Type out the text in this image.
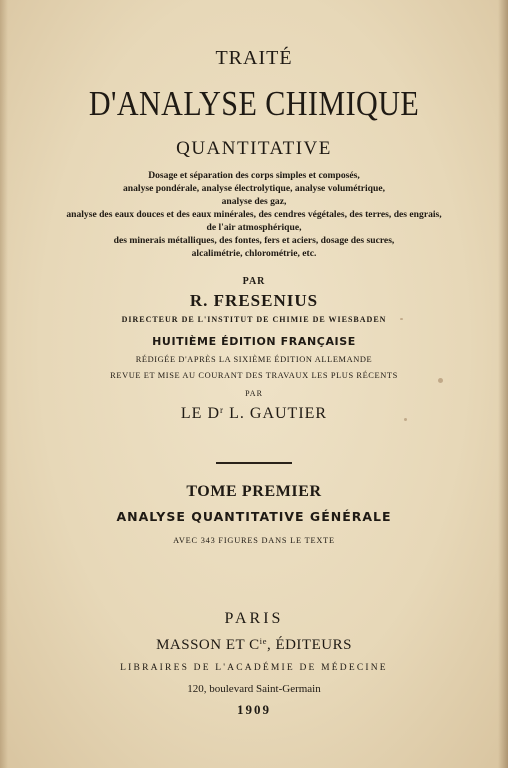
TRAITÉ
D'ANALYSE CHIMIQUE
QUANTITATIVE
Dosage et séparation des corps simples et composés,
analyse pondérale, analyse électrolytique, analyse volumétrique,
analyse des gaz,
analyse des eaux douces et des eaux minérales, des cendres végétales, des terres, des engrais,
de l'air atmosphérique,
des minerais métalliques, des fontes, fers et aciers, dosage des sucres,
alcalimétrie, chlorométrie, etc.
PAR
R. FRESENIUS
DIRECTEUR DE L'INSTITUT DE CHIMIE DE WIESBADEN
HUITIÈME ÉDITION FRANÇAISE
RÉDIGÉE D'APRÈS LA SIXIÈME ÉDITION ALLEMANDE
REVUE ET MISE AU COURANT DES TRAVAUX LES PLUS RÉCENTS
PAR
LE $D^r$ L. GAUTIER
TOME PREMIER
ANALYSE QUANTITATIVE GÉNÉRALE
AVEC 343 FIGURES DANS LE TEXTE
PARIS
MASSON ET $C^{ie}$, ÉDITEURS
LIBRAIRES DE L'ACADÉMIE DE MÉDECINE
120, boulevard Saint-Germain
1909
